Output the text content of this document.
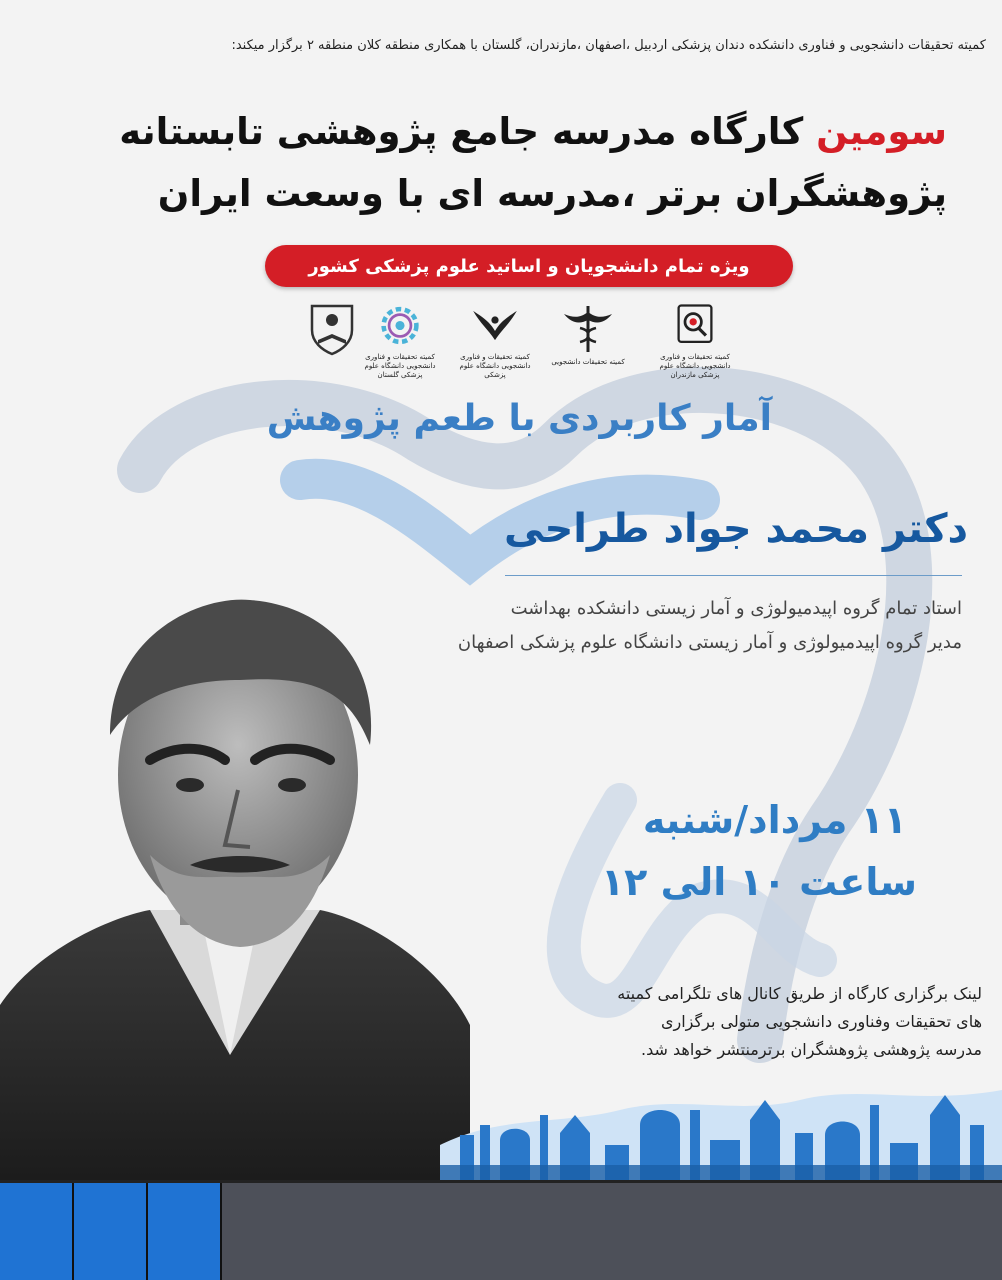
کمیته تحقیقات دانشجویی و فناوری دانشکده دندان پزشکی اردبیل ،اصفهان ،مازندران، گلستان با همکاری منطقه کلان منطقه ۲ برگزار میکند:
سومین کارگاه مدرسه جامع پژوهشی تابستانه
پژوهشگران برتر ،مدرسه ای با وسعت ایران
ویژه تمام دانشجویان و اساتید علوم پزشکی کشور
کمیته تحقیقات و فناوری دانشجویی دانشگاه علوم پزشکی گلستان
کمیته تحقیقات و فناوری دانشجویی دانشگاه علوم پزشکی
کمیته تحقیقات دانشجویی
کمیته تحقیقات و فناوری دانشجویی دانشگاه علوم پزشکی مازندران
آمار کاربردی با طعم پژوهش
دکتر محمد جواد طراحی
استاد تمام گروه اپیدمیولوژی و آمار زیستی دانشکده بهداشت
مدیر گروه اپیدمیولوژی و آمار زیستی دانشگاه علوم پزشکی اصفهان
۱۱ مرداد/شنبه
ساعت ۱۰ الی ۱۲
لینک برگزاری کارگاه از طریق کانال های تلگرامی کمیته
های تحقیقات وفناوری دانشجویی متولی برگزاری
مدرسه پژوهشی پژوهشگران برترمنتشر خواهد شد.
